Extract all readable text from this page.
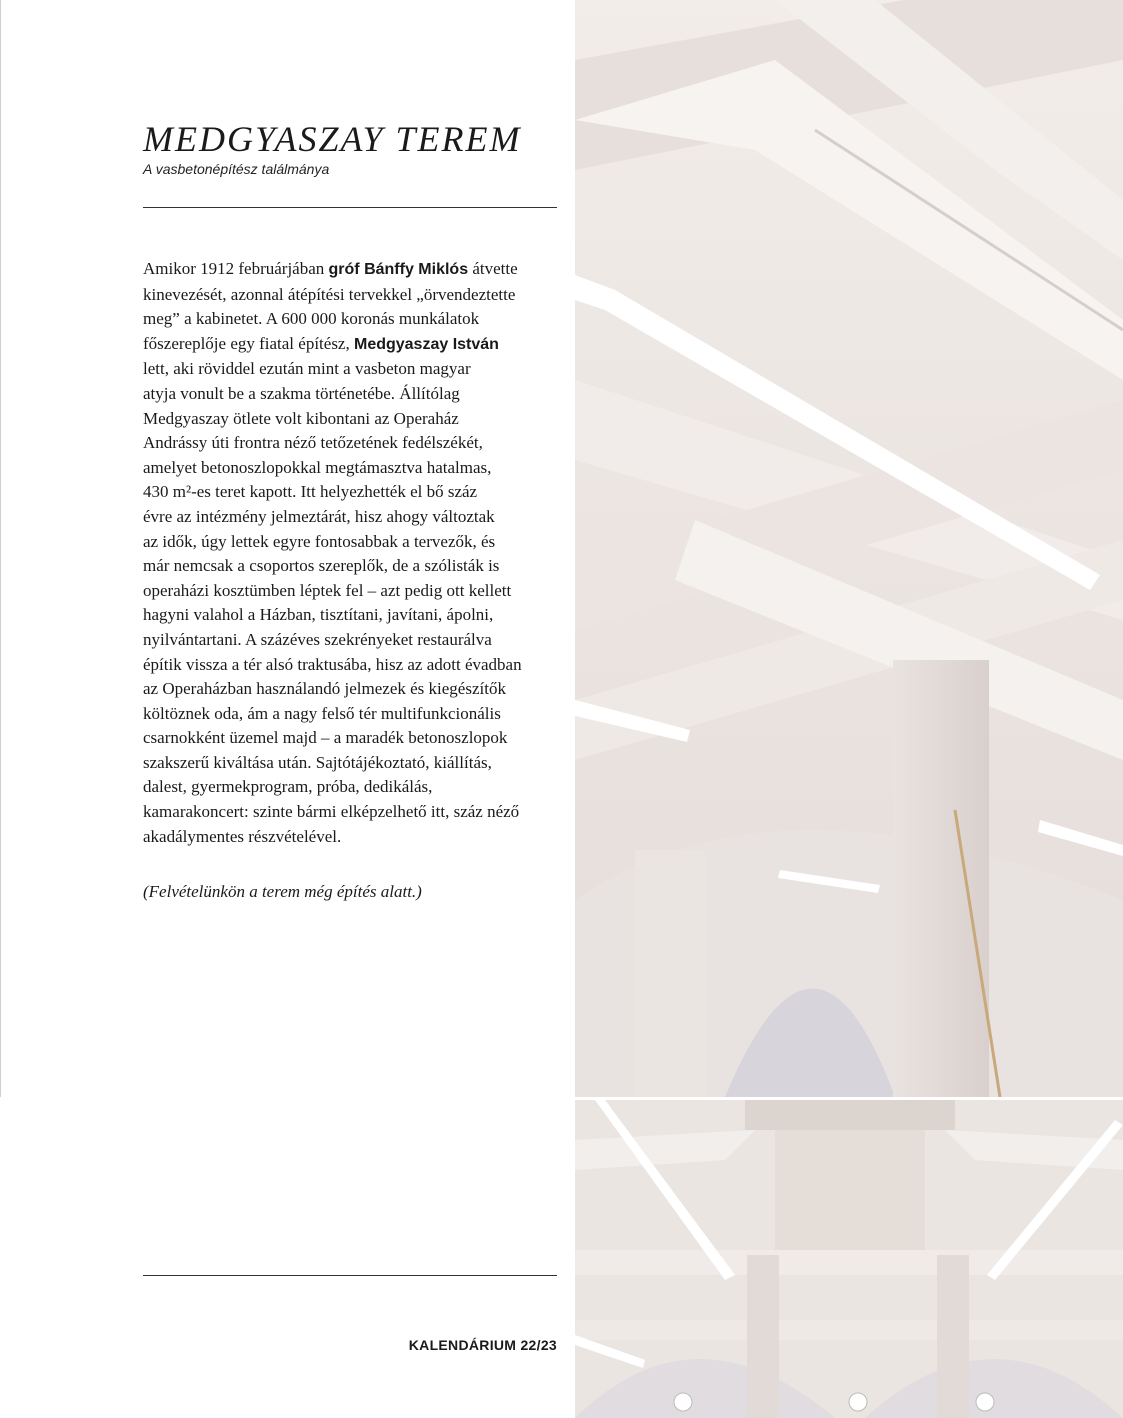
MEDGYASZAY TEREM
A vasbetonépítész találmánya
Amikor 1912 februárjában gróf Bánffy Miklós átvette
kinevezését, azonnal átépítési tervekkel „örvendeztette
meg” a kabinetet. A 600 000 koronás munkálatok
főszereplője egy fiatal építész, Medgyaszay István
lett, aki röviddel ezután mint a vasbeton magyar
atyja vonult be a szakma történetébe. Állítólag
Medgyaszay ötlete volt kibontani az Operaház
Andrássy úti frontra néző tetőzetének fedélszékét,
amelyet betonoszlopokkal megtámasztva hatalmas,
430 m²-es teret kapott. Itt helyezhették el bő száz
évre az intézmény jelmeztárát, hisz ahogy változtak
az idők, úgy lettek egyre fontosabbak a tervezők, és
már nemcsak a csoportos szereplők, de a szólisták is
operaházi kosztümben léptek fel – azt pedig ott kellett
hagyni valahol a Házban, tisztítani, javítani, ápolni,
nyilvántartani. A százéves szekrényeket restaurálva
építik vissza a tér alsó traktusába, hisz az adott évadban
az Operaházban használandó jelmezek és kiegészítők
költöznek oda, ám a nagy felső tér multifunkcionális
csarnokként üzemel majd – a maradék betonoszlopok
szakszerű kiváltása után. Sajtótájékoztató, kiállítás,
dalest, gyermekprogram, próba, dedikálás,
kamarakoncert: szinte bármi elképzelhető itt, száz néző
akadálymentes részvételével.
(Felvételünkön a terem még építés alatt.)
KALENDÁRIUM 22/23
